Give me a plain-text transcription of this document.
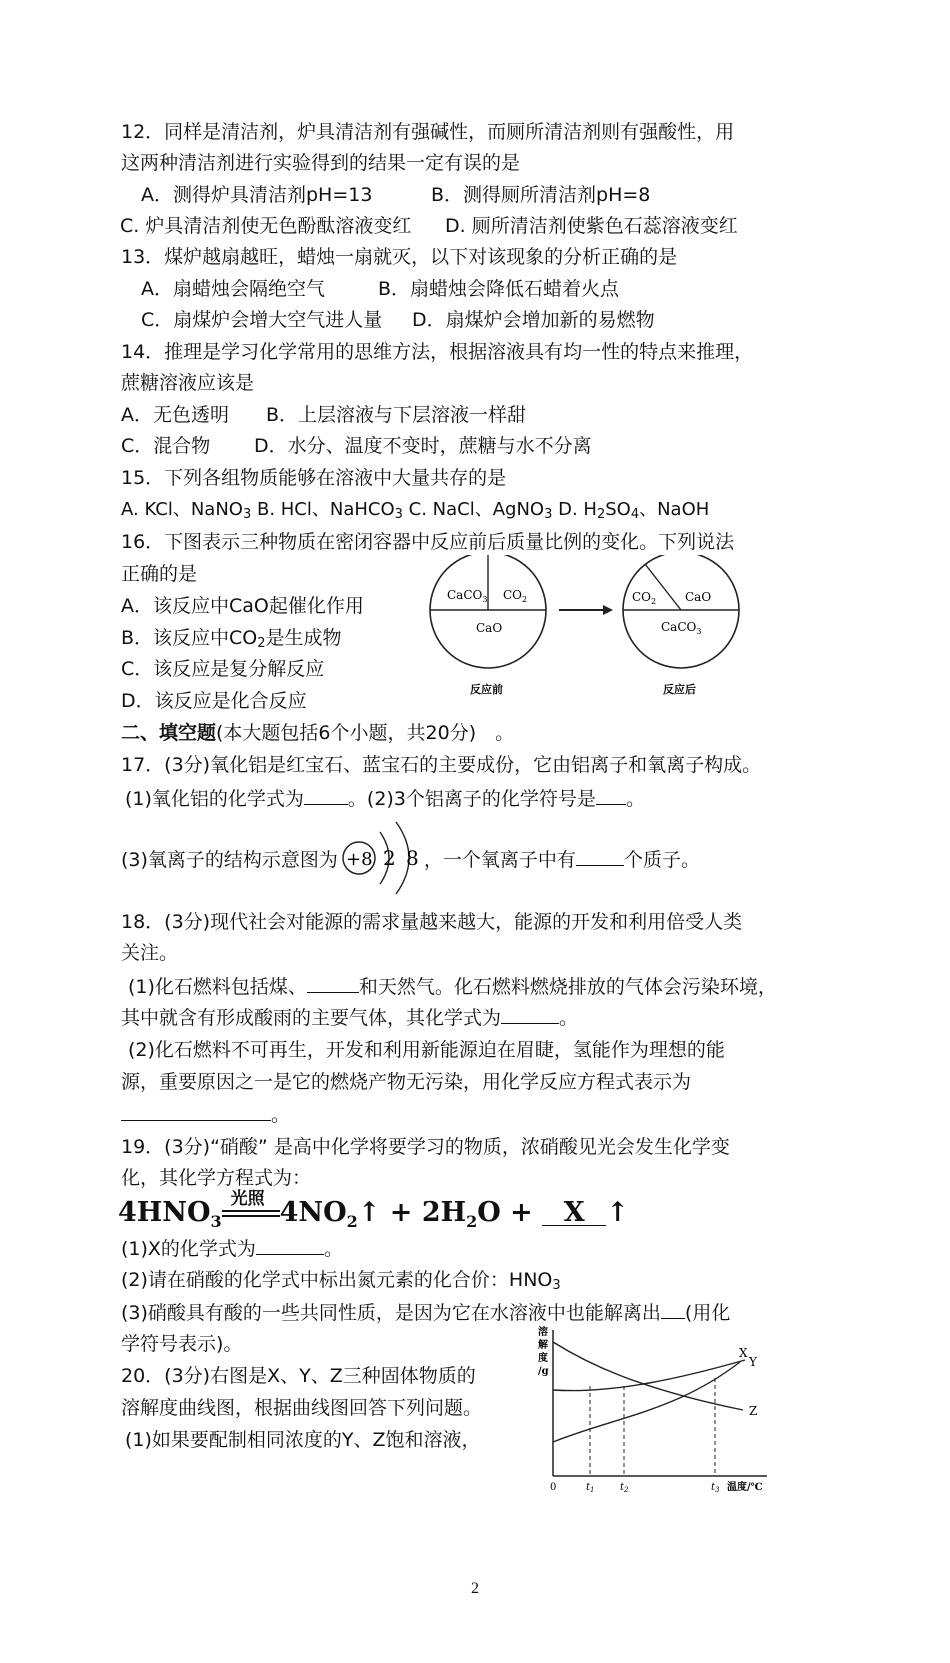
12．同样是清洁剂，炉具清洁剂有强碱性，而厕所清洁剂则有强酸性，用
这两种清洁剂进行实验得到的结果一定有误的是
A．测得炉具清洁剂pH=13	B．测得厕所清洁剂pH=8
C. 炉具清洁剂使无色酚酞溶液变红 D. 厕所清洁剂使紫色石蕊溶液变红
13．煤炉越扇越旺，蜡烛一扇就灭，以下对该现象的分析正确的是
A．扇蜡烛会隔绝空气	B．扇蜡烛会降低石蜡着火点
C．扇煤炉会增大空气进人量 D．扇煤炉会增加新的易燃物
14．推理是学习化学常用的思维方法，根据溶液具有均一性的特点来推理，
蔗糖溶液应该是
A．无色透明 B．上层溶液与下层溶液一样甜
C．混合物 D．水分、温度不变时，蔗糖与水不分离
15．下列各组物质能够在溶液中大量共存的是
A. KCl、NaNO$_3$ B. HCl、NaHCO$_3$ C. NaCl、AgNO$_3$ D. $H_2SO_4$、NaOH
16．下图表示三种物质在密闭容器中反应前后质量比例的变化。下列说法
正确的是
A．该反应中CaO起催化作用
B．该反应中$CO_2$是生成物
C．该反应是复分解反应
D．该反应是化合反应
CaCO$_3$ $CO_2$
CaO
$CO_2$ CaO
CaCO$_3$
反应前	反应后
二、填空题(本大题包括6个小题，共20分)　。
17．(3分)氧化铝是红宝石、蓝宝石的主要成份，它由铝离子和氧离子构成。
(1)氧化铝的化学式为 。(2)3个铝离子的化学符号是 。
(3)氧离子的结构示意图为	，一个氧离子中有	个质子。
+8 2 8
18．(3分)现代社会对能源的需求量越来越大，能源的开发和利用倍受人类
关注。
(1)化石燃料包括煤、	和天然气。化石燃料燃烧排放的气体会污染环境，
其中就含有形成酸雨的主要气体，其化学式为	。
(2)化石燃料不可再生，开发和利用新能源迫在眉睫，氢能作为理想的能
源，重要原因之一是它的燃烧产物无污染，用化学反应方程式表示为
。
19．(3分)“硝酸” 是高中化学将要学习的物质，浓硝酸见光会发生化学变
化，其化学方程式为：
$4HNO_3$
光照 $4NO_2↑ + 2H_2O + X$ ↑
(1)X的化学式为	。
(2)请在硝酸的化学式中标出氮元素的化合价：$HNO_3$
(3)硝酸具有酸的一些共同性质，是因为它在水溶液中也能解离出 (用化
学符号表示)。
20．(3分)右图是X、Y、Z三种固体物质的
溶解度曲线图，根据曲线图回答下列问题。
(1)如果要配制相同浓度的Y、Z饱和溶液，
溶 解 度 /g
X
Y
Z
0	$t_1$	$t_2$	$t_3$ 温度/℃
2
